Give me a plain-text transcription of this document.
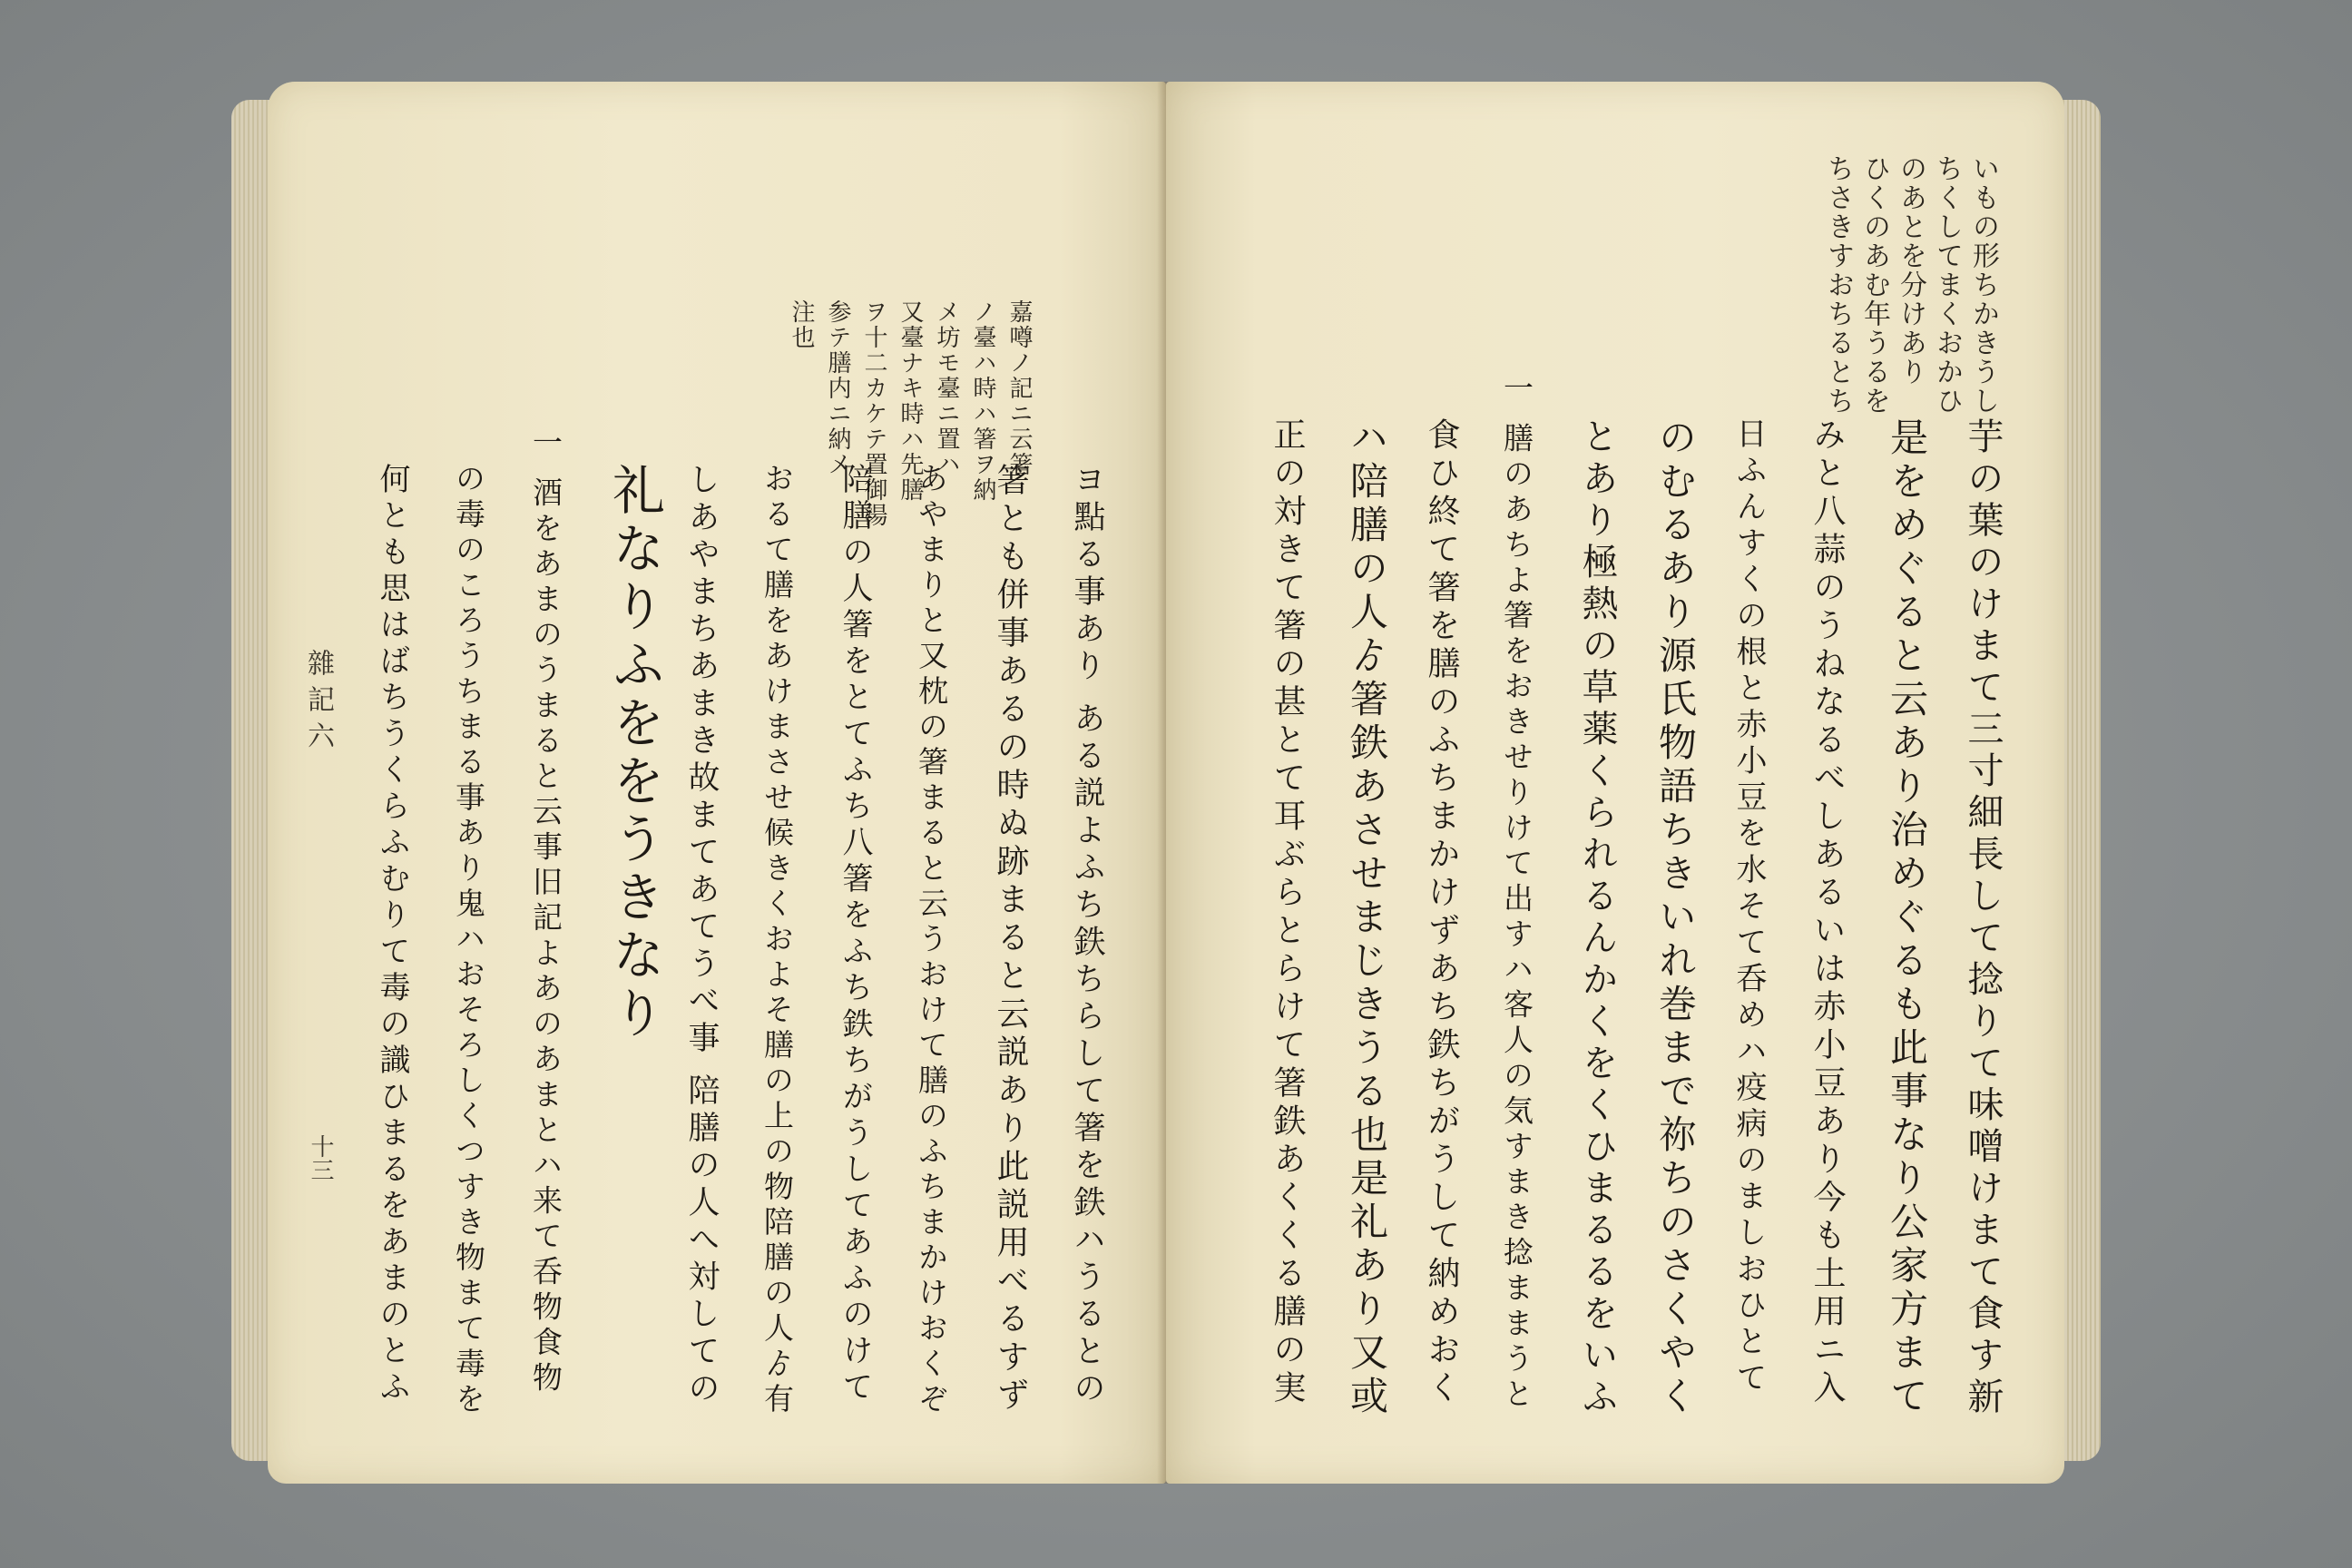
嘉噂ノ記ニ云箸
ノ臺ハ時ハ箸ヲ納
メ坊モ臺ニ置ハ
又臺ナキ時ハ先膳
ヲ十二カケテ置御湯
参テ膳内ニ納メ
注也
ヨ點る事あり ある説よふち鉄ちらして箸を鉄ハうるとの
箸とも併事あるの時ぬ跡まると云説あり此説用べるすず
あやまりと又枕の箸まると云うおけて膳のふちまかけおくぞ
陪膳の人箸をとてふち八箸をふち鉄ちがうしてあふのけて
おるて膳をあけまさせ候きくおよそ膳の上の物陪膳の人ゟ有
しあやまちあまき故まてあてうべ事 陪膳の人へ対しての
礼なりふををうきなり
一 酒をあまのうまると云事旧記よあのあまとハ来て呑物食物
の毒のころうちまる事あり鬼ハおそろしくつすき物まて毒を
何とも思はばちうくらふむりて毒の識ひまるをあまのとふ
雜記六
十三
いもの形ちかきうし
ちくしてまくおかひ
のあとを分けあり
ひくのあむ年うるを
ちさきすおちるとち
芋の葉のけまて三寸細長して捻りて味噌けまて食す新
是をめぐると云あり治めぐるも此事なり公家方まて
みと八蒜のうねなるべしあるいは赤小豆あり今も土用ニ入
日ふんすくの根と赤小豆を水そて呑めハ疫病のましおひとて
のむるあり源氏物語ちきいれ巻まで祢ちのさくやく
とあり極熱の草薬くられるんかくをくひまるるをいふ
一 膳のあちよ箸をおきせりけて出すハ客人の気すまき捻ままうと
食ひ終て箸を膳のふちまかけずあち鉄ちがうして納めおく
ハ陪膳の人ゟ箸鉄あさせまじきうる也是礼あり又或
正の対きて箸の甚とて耳ぶらとらけて箸鉄あくくる膳の実
